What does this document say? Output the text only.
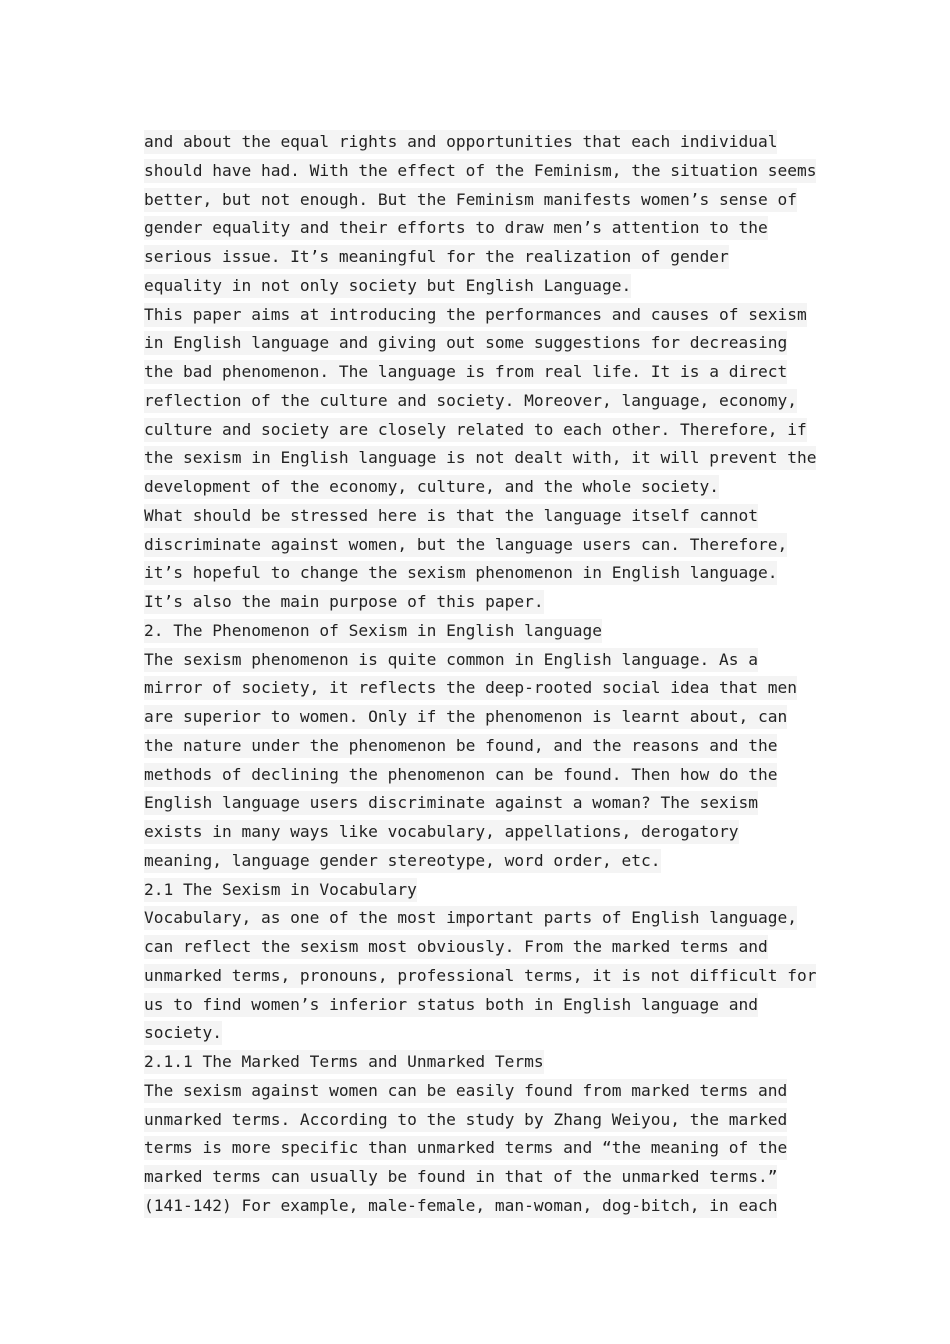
and about the equal rights and opportunities that each individual
should have had. With the effect of the Feminism, the situation seems
better, but not enough. But the Feminism manifests women’s sense of
gender equality and their efforts to draw men’s attention to the
serious issue. It’s meaningful for the realization of gender
equality in not only society but English Language.
This paper aims at introducing the performances and causes of sexism
in English language and giving out some suggestions for decreasing
the bad phenomenon. The language is from real life. It is a direct
reflection of the culture and society. Moreover, language, economy,
culture and society are closely related to each other. Therefore, if
the sexism in English language is not dealt with, it will prevent the
development of the economy, culture, and the whole society.
What should be stressed here is that the language itself cannot
discriminate against women, but the language users can. Therefore,
it’s hopeful to change the sexism phenomenon in English language.
It’s also the main purpose of this paper.
2. The Phenomenon of Sexism in English language
The sexism phenomenon is quite common in English language. As a
mirror of society, it reflects the deep-rooted social idea that men
are superior to women. Only if the phenomenon is learnt about, can
the nature under the phenomenon be found, and the reasons and the
methods of declining the phenomenon can be found. Then how do the
English language users discriminate against a woman? The sexism
exists in many ways like vocabulary, appellations, derogatory
meaning, language gender stereotype, word order, etc.
2.1 The Sexism in Vocabulary
Vocabulary, as one of the most important parts of English language,
can reflect the sexism most obviously. From the marked terms and
unmarked terms, pronouns, professional terms, it is not difficult for
us to find women’s inferior status both in English language and
society.
2.1.1 The Marked Terms and Unmarked Terms
The sexism against women can be easily found from marked terms and
unmarked terms. According to the study by Zhang Weiyou, the marked
terms is more specific than unmarked terms and “the meaning of the
marked terms can usually be found in that of the unmarked terms.”
(141-142) For example, male-female, man-woman, dog-bitch, in each
